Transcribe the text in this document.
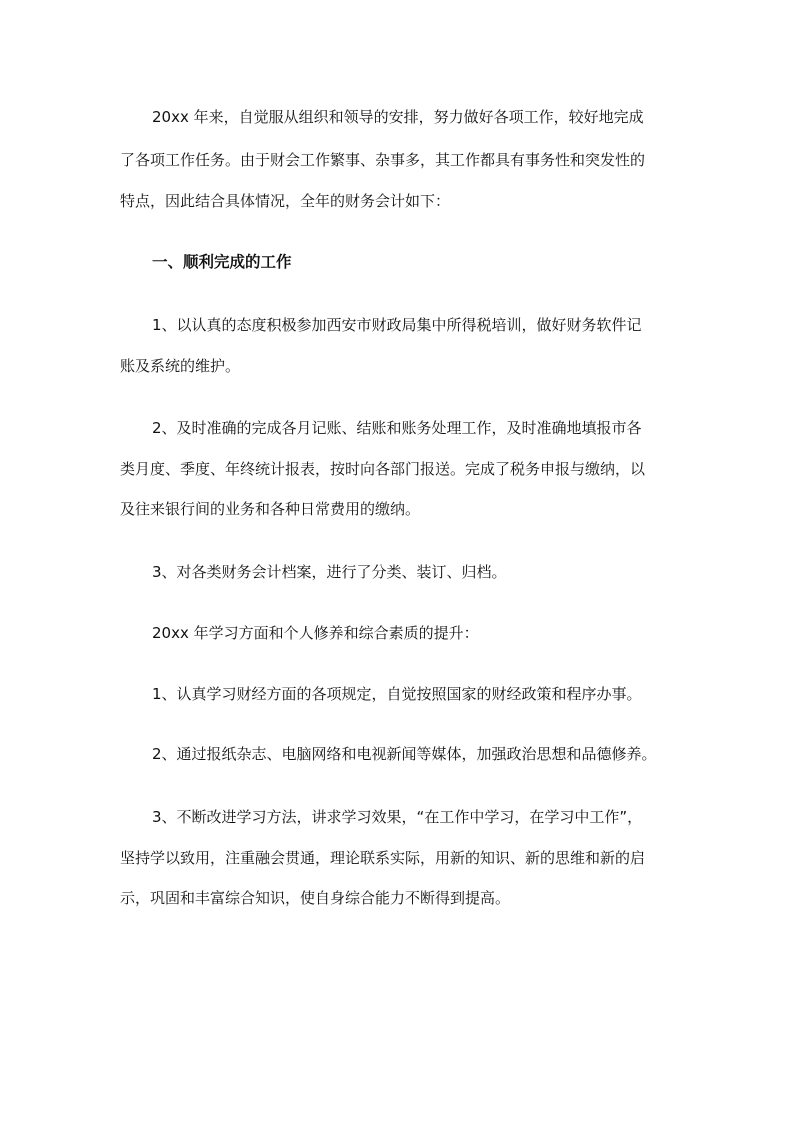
20xx 年来，自觉服从组织和领导的安排，努力做好各项工作，较好地完成
了各项工作任务。由于财会工作繁事、杂事多，其工作都具有事务性和突发性的
特点，因此结合具体情况，全年的财务会计如下：
一、顺利完成的工作
1、以认真的态度积极参加西安市财政局集中所得税培训，做好财务软件记
账及系统的维护。
2、及时准确的完成各月记账、结账和账务处理工作，及时准确地填报市各
类月度、季度、年终统计报表，按时向各部门报送。完成了税务申报与缴纳，以
及往来银行间的业务和各种日常费用的缴纳。
3、对各类财务会计档案，进行了分类、装订、归档。
20xx 年学习方面和个人修养和综合素质的提升：
1、认真学习财经方面的各项规定，自觉按照国家的财经政策和程序办事。
2、通过报纸杂志、电脑网络和电视新闻等媒体，加强政治思想和品德修养。
3、不断改进学习方法，讲求学习效果，“在工作中学习，在学习中工作”，
坚持学以致用，注重融会贯通，理论联系实际，用新的知识、新的思维和新的启
示，巩固和丰富综合知识，使自身综合能力不断得到提高。
